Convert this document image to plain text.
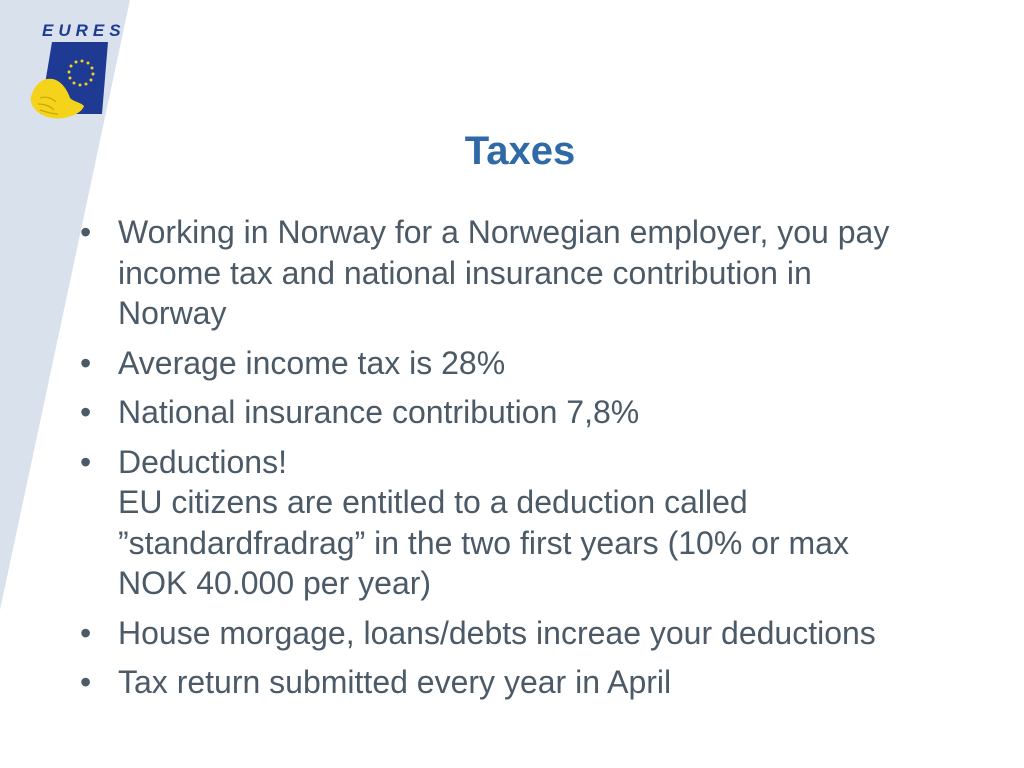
EURES
Taxes
• Working in Norway for a Norwegian employer, you pay
income tax and national insurance contribution in
Norway
• Average income tax is 28%
• National insurance contribution 7,8%
• Deductions!
EU citizens are entitled to a deduction called
”standardfradrag” in the two first years (10% or max
NOK 40.000 per year)
• House morgage, loans/debts increae your deductions
• Tax return submitted every year in April
